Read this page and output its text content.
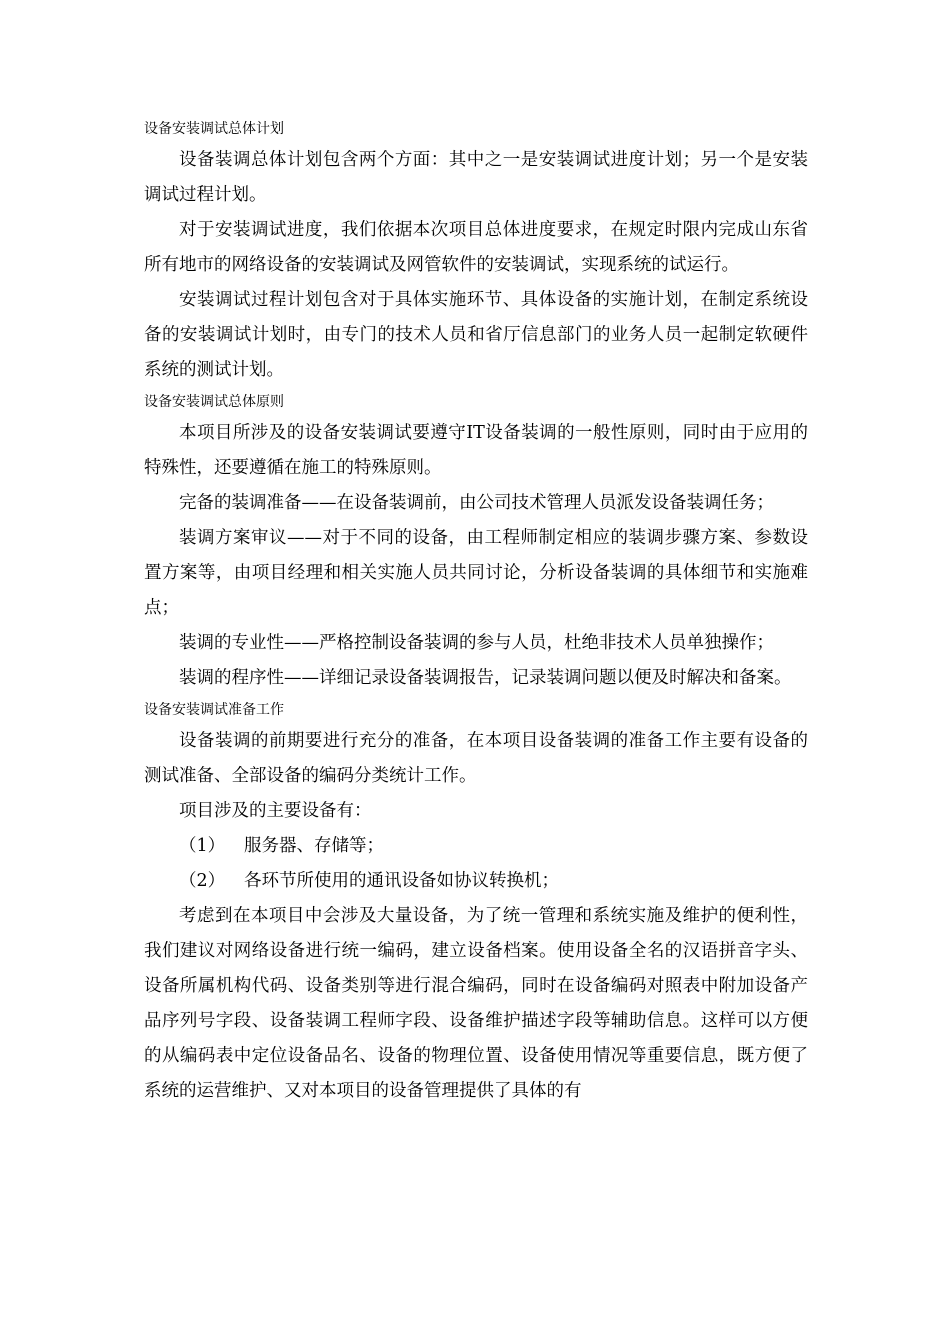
设备安装调试总体计划

设备装调总体计划包含两个方面：其中之一是安装调试进度计划；另一个是安装调试过程计划。

对于安装调试进度，我们依据本次项目总体进度要求，在规定时限内完成山东省所有地市的网络设备的安装调试及网管软件的安装调试，实现系统的试运行。

安装调试过程计划包含对于具体实施环节、具体设备的实施计划，在制定系统设备的安装调试计划时，由专门的技术人员和省厅信息部门的业务人员一起制定软硬件系统的测试计划。

设备安装调试总体原则

本项目所涉及的设备安装调试要遵守IT设备装调的一般性原则，同时由于应用的特殊性，还要遵循在施工的特殊原则。

完备的装调准备——在设备装调前，由公司技术管理人员派发设备装调任务；

装调方案审议——对于不同的设备，由工程师制定相应的装调步骤方案、参数设置方案等，由项目经理和相关实施人员共同讨论，分析设备装调的具体细节和实施难点；

装调的专业性——严格控制设备装调的参与人员，杜绝非技术人员单独操作；

装调的程序性——详细记录设备装调报告，记录装调问题以便及时解决和备案。

设备安装调试准备工作

设备装调的前期要进行充分的准备，在本项目设备装调的准备工作主要有设备的测试准备、全部设备的编码分类统计工作。

项目涉及的主要设备有：

（1） 服务器、存储等；

（2） 各环节所使用的通讯设备如协议转换机；

考虑到在本项目中会涉及大量设备，为了统一管理和系统实施及维护的便利性，我们建议对网络设备进行统一编码，建立设备档案。使用设备全名的汉语拼音字头、设备所属机构代码、设备类别等进行混合编码，同时在设备编码对照表中附加设备产品序列号字段、设备装调工程师字段、设备维护描述字段等辅助信息。这样可以方便的从编码表中定位设备品名、设备的物理位置、设备使用情况等重要信息，既方便了系统的运营维护、又对本项目的设备管理提供了具体的有
